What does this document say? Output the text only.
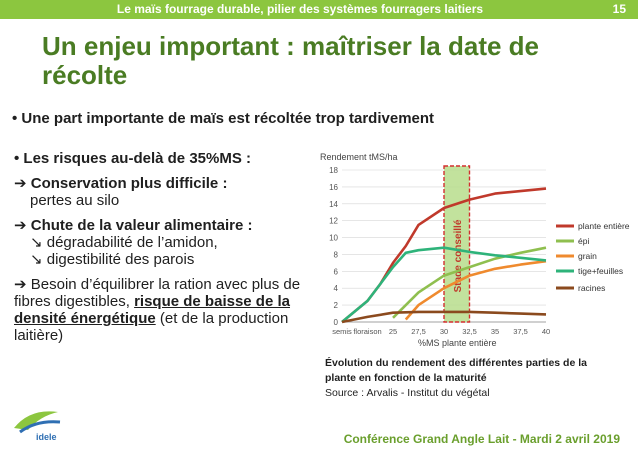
Le maïs fourrage durable, pilier des systèmes fourragers laitiers	15
Un enjeu important : maîtriser la date de récolte
• Une part importante de maïs est récoltée trop tardivement
• Les risques au-delà de 35%MS :
➔ Conservation plus difficile :
pertes au silo
➔ Chute de la valeur alimentaire :
↘ dégradabilité de l’amidon,
↘ digestibilité des parois
➔ Besoin d’équilibrer la ration avec plus de fibres digestibles, risque de baisse de la densité énergétique (et de la production laitière)
Rendement tMS/ha
%MS plante entière
0
2
4
6
8
10
12
14
16
18
semis floraison 25 27,5 30 32,5 35 37,5 40
Stade conseillé	plante entière
épi
grain
tige+feuilles
racines
Évolution du rendement des différentes parties de la plante en fonction de la maturité
Source : Arvalis - Institut du végétal
idele	Conférence Grand Angle Lait - Mardi 2 avril 2019
